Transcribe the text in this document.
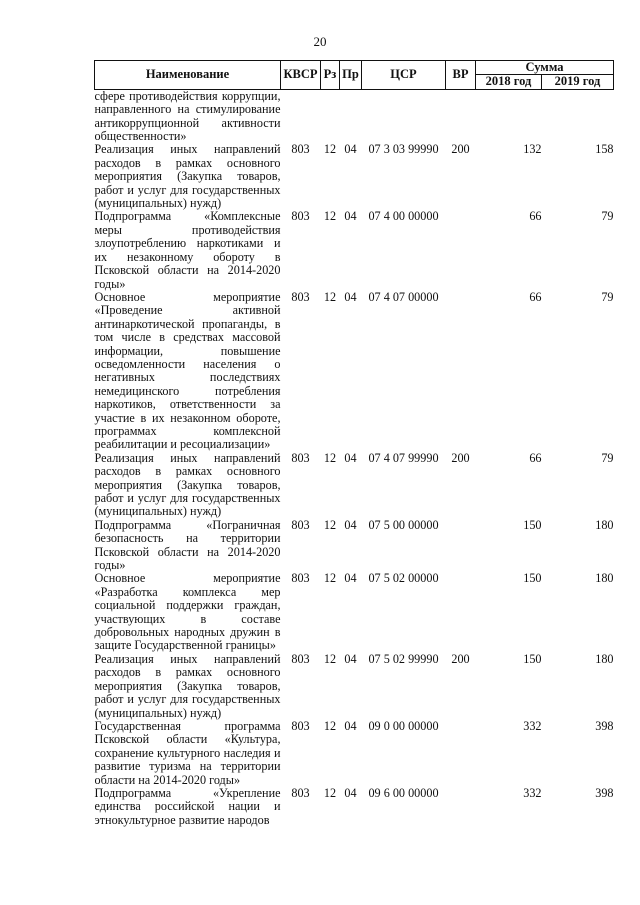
20
Наименование	КВСР	Рз	Пр	ЦСР	ВР	Сумма	
						2018 год	2019 год
сфере противодействия коррупции, направленного на стимулирование антикоррупционной активности общественности»							
Реализация иных направлений расходов в рамках основного мероприятия (Закупка товаров, работ и услуг для государственных (муниципальных) нужд)	803	12	04	07 3 03 99990	200	132	158
Подпрограмма «Комплексные меры противодействия злоупотреблению наркотиками и их незаконному обороту в Псковской области на 2014-2020 годы»	803	12	04	07 4 00 00000		66	79
Основное мероприятие «Проведение активной антинаркотической пропаганды, в том числе в средствах массовой информации, повышение осведомленности населения о негативных последствиях немедицинского потребления наркотиков, ответственности за участие в их незаконном обороте, программах комплексной реабилитации и ресоциализации»	803	12	04	07 4 07 00000		66	79
Реализация иных направлений расходов в рамках основного мероприятия (Закупка товаров, работ и услуг для государственных (муниципальных) нужд)	803	12	04	07 4 07 99990	200	66	79
Подпрограмма «Пограничная безопасность на территории Псковской области на 2014-2020 годы»	803	12	04	07 5 00 00000		150	180
Основное мероприятие «Разработка комплекса мер социальной поддержки граждан, участвующих в составе добровольных народных дружин в защите Государственной границы»	803	12	04	07 5 02 00000		150	180
Реализация иных направлений расходов в рамках основного мероприятия (Закупка товаров, работ и услуг для государственных (муниципальных) нужд)	803	12	04	07 5 02 99990	200	150	180
Государственная программа Псковской области «Культура, сохранение культурного наследия и развитие туризма на территории области на 2014-2020 годы»	803	12	04	09 0 00 00000		332	398
Подпрограмма «Укрепление единства российской нации и этнокультурное развитие народов	803	12	04	09 6 00 00000		332	398
